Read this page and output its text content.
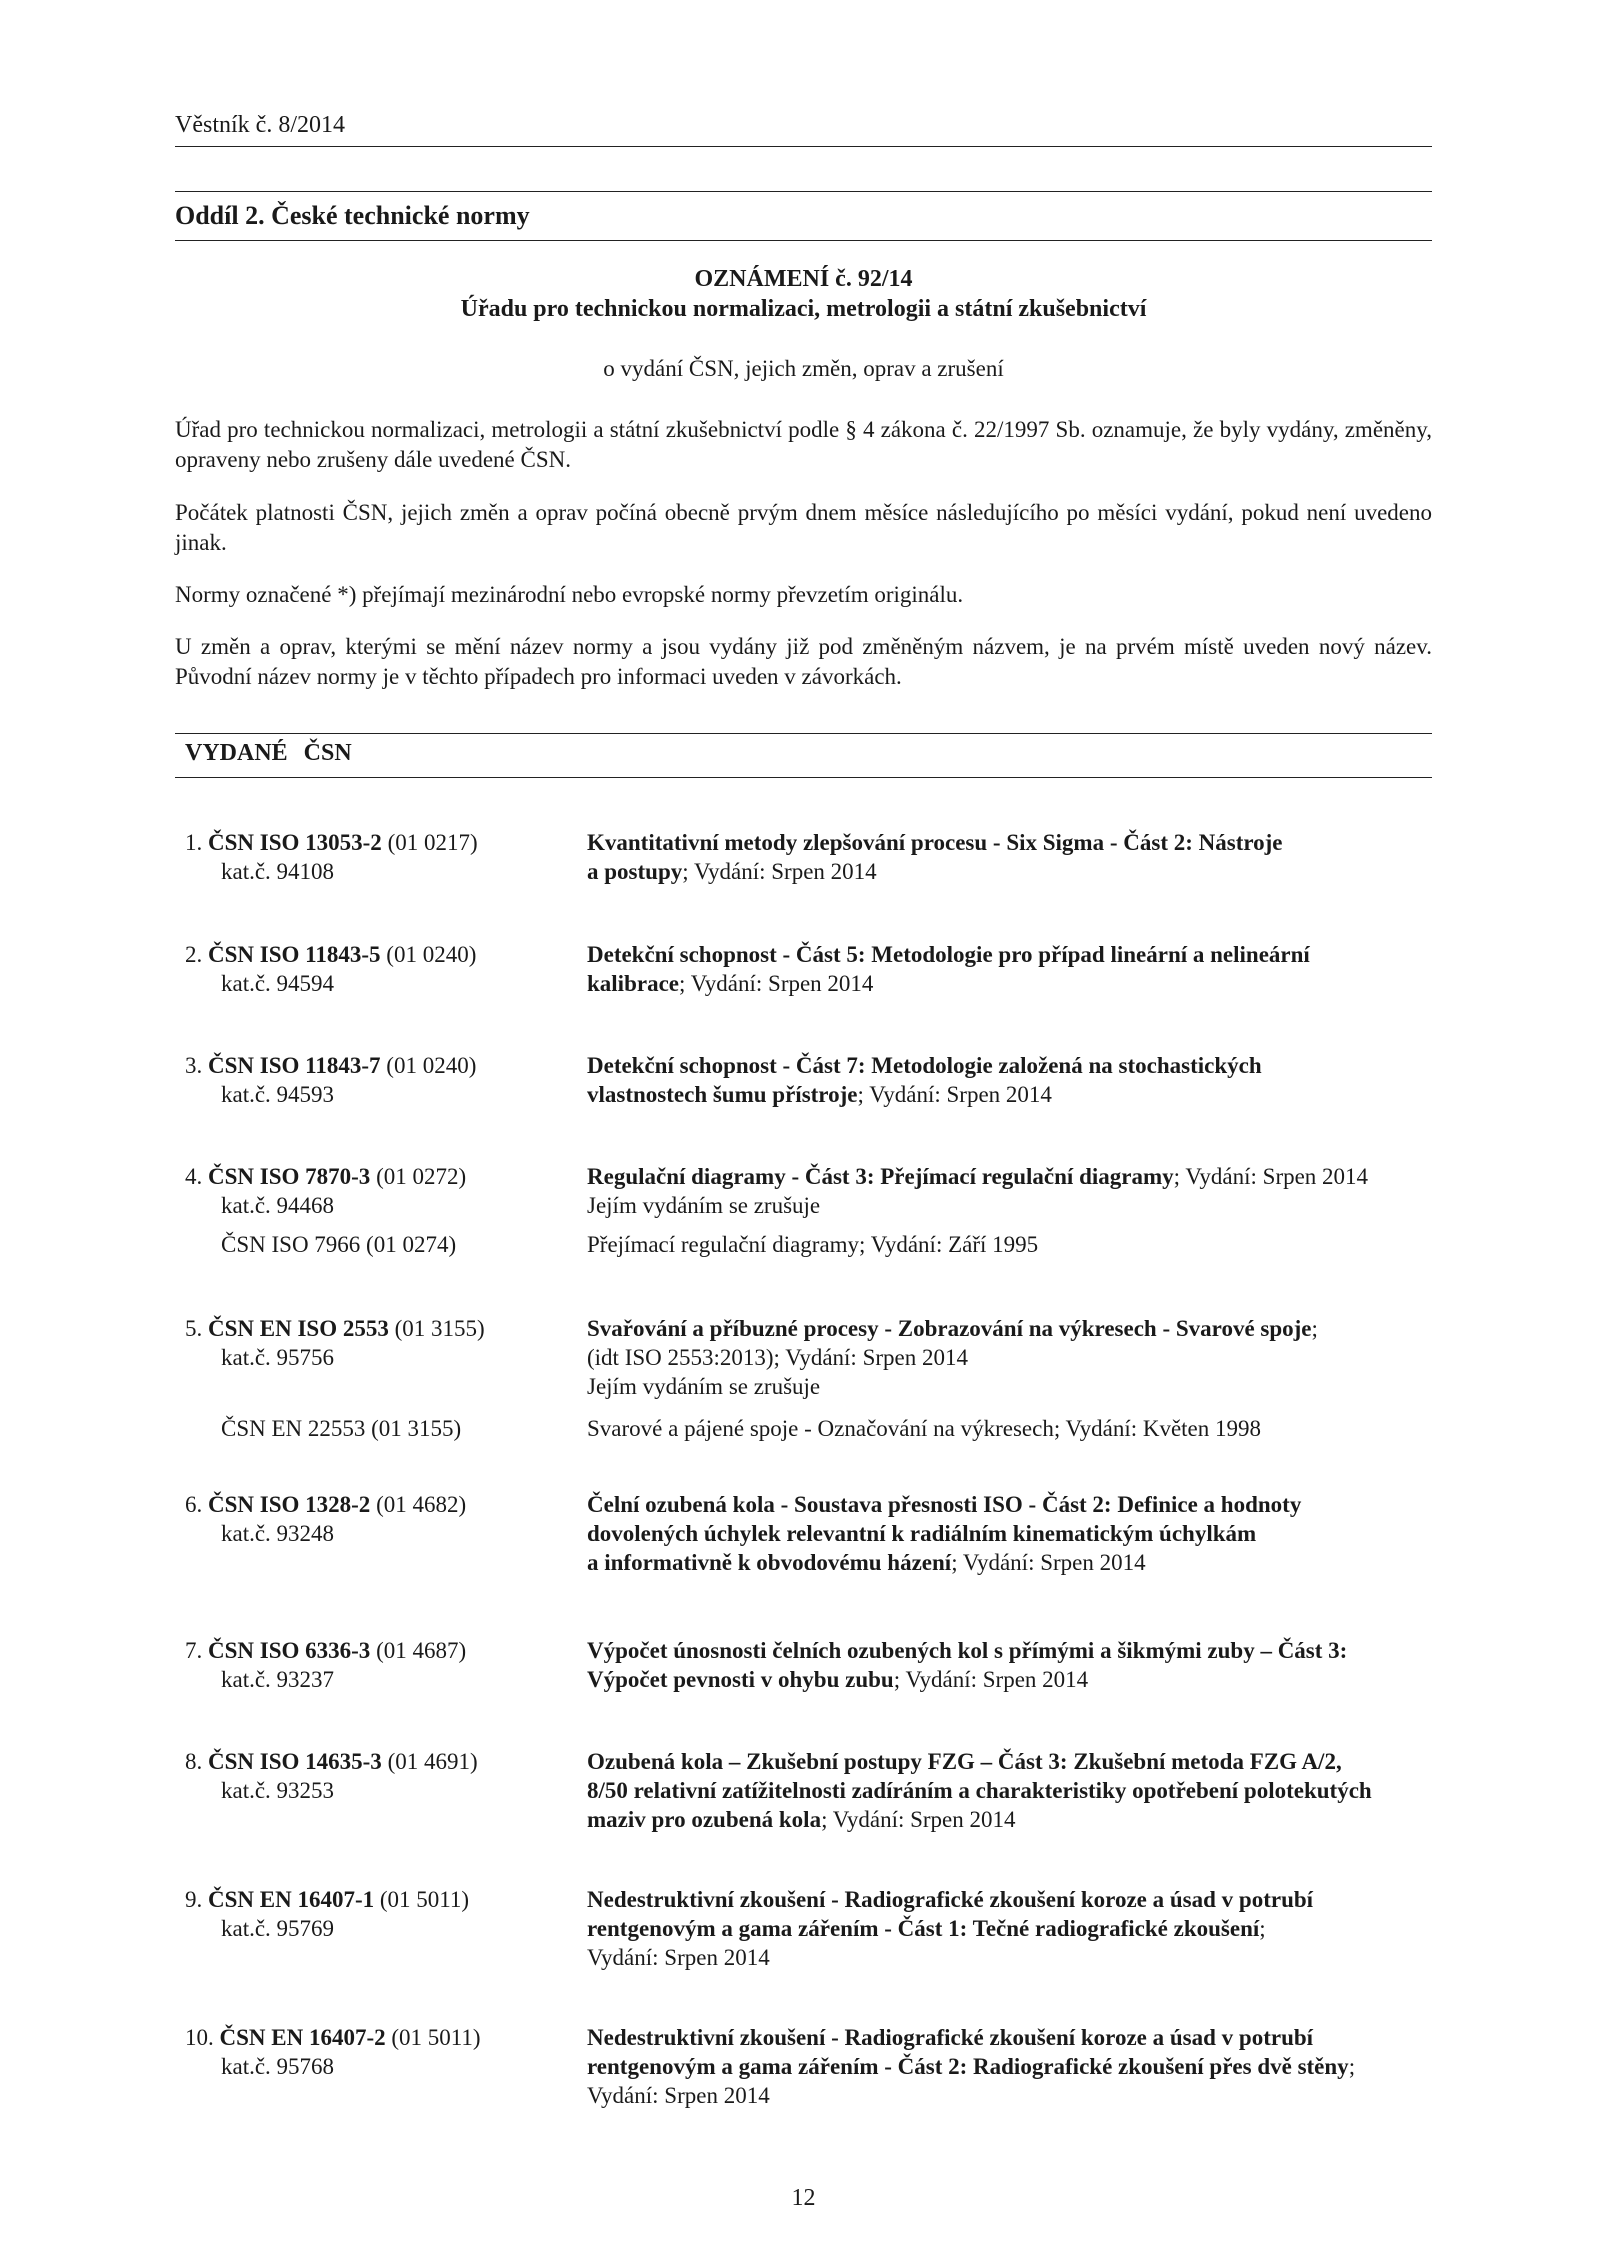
Věstník č. 8/2014
Oddíl 2. České technické normy
OZNÁMENÍ č. 92/14
Úřadu pro technickou normalizaci, metrologii a státní zkušebnictví
o vydání ČSN, jejich změn, oprav a zrušení
Úřad pro technickou normalizaci, metrologii a státní zkušebnictví podle § 4 zákona č. 22/1997 Sb. oznamuje, že byly vydány, změněny, opraveny nebo zrušeny dále uvedené ČSN.
Počátek platnosti ČSN, jejich změn a oprav počíná obecně prvým dnem měsíce následujícího po měsíci vydání, pokud není uvedeno jinak.
Normy označené *) přejímají mezinárodní nebo evropské normy převzetím originálu.
U změn a oprav, kterými se mění název normy a jsou vydány již pod změněným názvem, je na prvém místě uveden nový název. Původní název normy je v těchto případech pro informaci uveden v závorkách.
VYDANÉ ČSN
1. ČSN ISO 13053-2 (01 0217)
kat.č. 94108
Kvantitativní metody zlepšování procesu - Six Sigma - Část 2: Nástroje
a postupy; Vydání: Srpen 2014
2. ČSN ISO 11843-5 (01 0240)
kat.č. 94594
Detekční schopnost - Část 5: Metodologie pro případ lineární a nelineární
kalibrace; Vydání: Srpen 2014
3. ČSN ISO 11843-7 (01 0240)
kat.č. 94593
Detekční schopnost - Část 7: Metodologie založená na stochastických
vlastnostech šumu přístroje; Vydání: Srpen 2014
4. ČSN ISO 7870-3 (01 0272)
kat.č. 94468
Regulační diagramy - Část 3: Přejímací regulační diagramy; Vydání: Srpen 2014
Jejím vydáním se zrušuje
ČSN ISO 7966 (01 0274)	Přejímací regulační diagramy; Vydání: Září 1995
5. ČSN EN ISO 2553 (01 3155)
kat.č. 95756
Svařování a příbuzné procesy - Zobrazování na výkresech - Svarové spoje;
(idt ISO 2553:2013); Vydání: Srpen 2014
Jejím vydáním se zrušuje
ČSN EN 22553 (01 3155)	Svarové a pájené spoje - Označování na výkresech; Vydání: Květen 1998
6. ČSN ISO 1328-2 (01 4682)
kat.č. 93248
Čelní ozubená kola - Soustava přesnosti ISO - Část 2: Definice a hodnoty
dovolených úchylek relevantní k radiálním kinematickým úchylkám
a informativně k obvodovému házení; Vydání: Srpen 2014
7. ČSN ISO 6336-3 (01 4687)
kat.č. 93237
Výpočet únosnosti čelních ozubených kol s přímými a šikmými zuby – Část 3:
Výpočet pevnosti v ohybu zubu; Vydání: Srpen 2014
8. ČSN ISO 14635-3 (01 4691)
kat.č. 93253
Ozubená kola – Zkušební postupy FZG – Část 3: Zkušební metoda FZG A/2,
8/50 relativní zatížitelnosti zadíráním a charakteristiky opotřebení polotekutých
maziv pro ozubená kola; Vydání: Srpen 2014
9. ČSN EN 16407-1 (01 5011)
kat.č. 95769
Nedestruktivní zkoušení - Radiografické zkoušení koroze a úsad v potrubí
rentgenovým a gama zářením - Část 1: Tečné radiografické zkoušení;
Vydání: Srpen 2014
10. ČSN EN 16407-2 (01 5011)
kat.č. 95768
Nedestruktivní zkoušení - Radiografické zkoušení koroze a úsad v potrubí
rentgenovým a gama zářením - Část 2: Radiografické zkoušení přes dvě stěny;
Vydání: Srpen 2014
12
